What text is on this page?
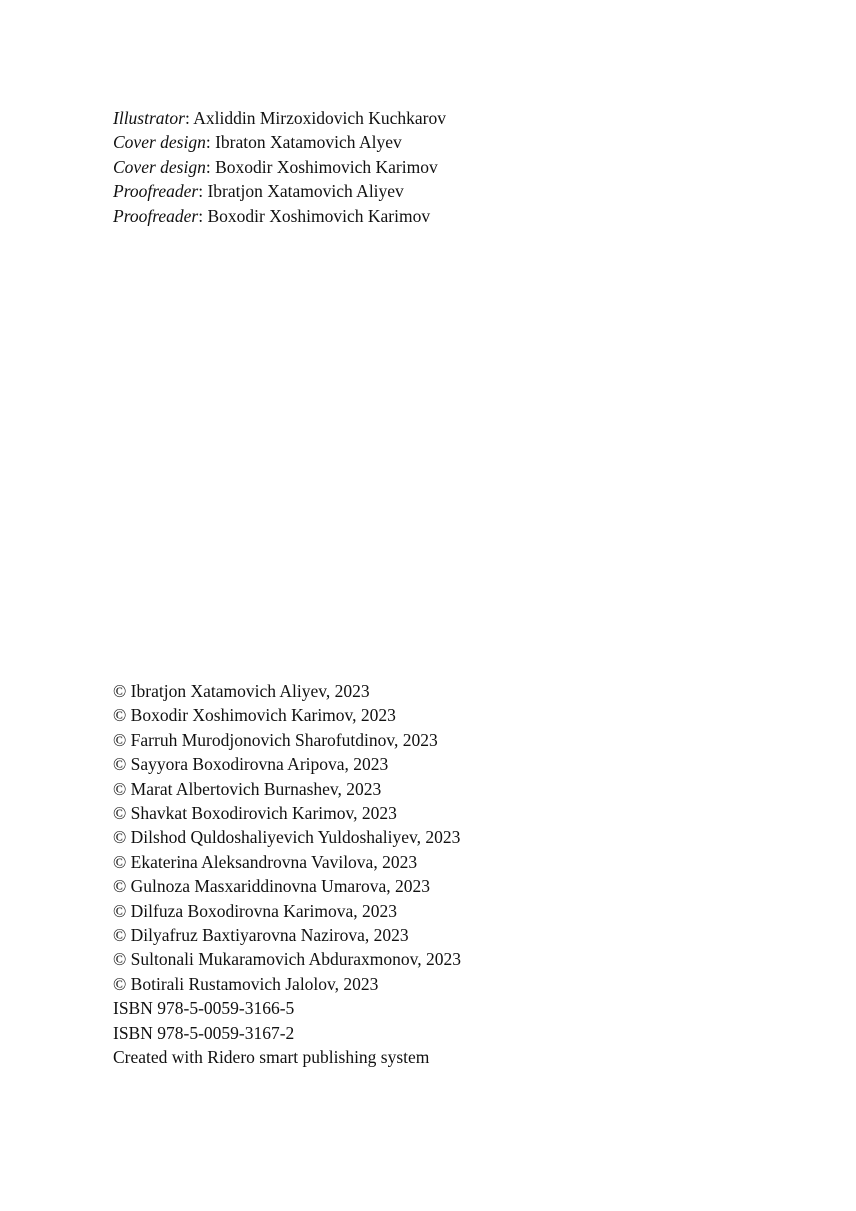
Illustrator: Axliddin Mirzoxidovich Kuchkarov
Cover design: Ibraton Xatamovich Alyev
Cover design: Boxodir Xoshimovich Karimov
Proofreader: Ibratjon Xatamovich Aliyev
Proofreader: Boxodir Xoshimovich Karimov
© Ibratjon Xatamovich Aliyev, 2023
© Boxodir Xoshimovich Karimov, 2023
© Farruh Murodjonovich Sharofutdinov, 2023
© Sayyora Boxodirovna Aripova, 2023
© Marat Albertovich Burnashev, 2023
© Shavkat Boxodirovich Karimov, 2023
© Dilshod Quldoshaliyevich Yuldoshaliyev, 2023
© Ekaterina Aleksandrovna Vavilova, 2023
© Gulnoza Masxariddinovna Umarova, 2023
© Dilfuza Boxodirovna Karimova, 2023
© Dilyafruz Baxtiyarovna Nazirova, 2023
© Sultonali Mukaramovich Abduraxmonov, 2023
© Botirali Rustamovich Jalolov, 2023
ISBN 978-5-0059-3166-5
ISBN 978-5-0059-3167-2
Created with Ridero smart publishing system
